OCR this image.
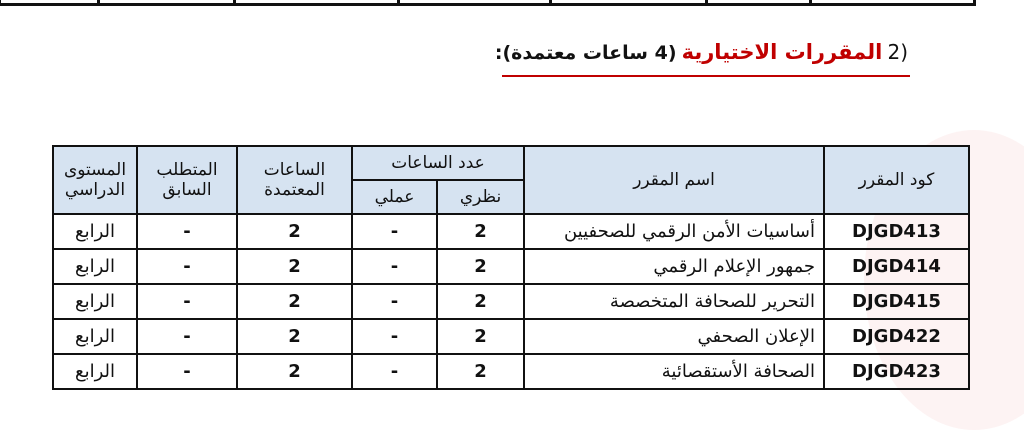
(2 المقررات الاختيارية (4 ساعات معتمدة):
كود المقرر	اسم المقرر	عدد الساعات		الساعات المعتمدة	المتطلب السابق	المستوى الدراسي
		نظري	عملي			
DJGD413	أساسيات الأمن الرقمي للصحفيين	2	-	2	-	الرابع
DJGD414	جمهور الإعلام الرقمي	2	-	2	-	الرابع
DJGD415	التحرير للصحافة المتخصصة	2	-	2	-	الرابع
DJGD422	الإعلان الصحفي	2	-	2	-	الرابع
DJGD423	الصحافة الأستقصائية	2	-	2	-	الرابع
